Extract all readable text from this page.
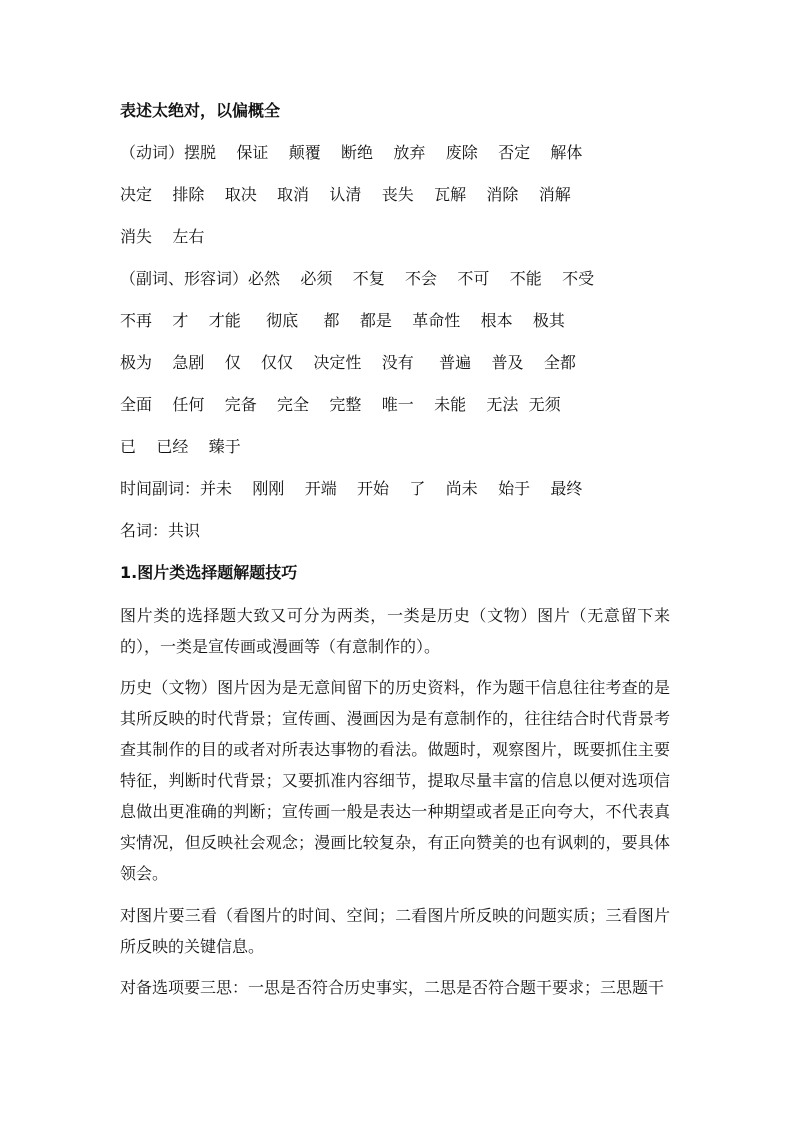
表述太绝对，以偏概全
（动词）摆脱    保证    颠覆    断绝    放弃    废除    否定    解体
决定    排除    取决    取消    认清    丧失    瓦解    消除    消解
消失    左右
（副词、形容词）必然    必须    不复    不会    不可    不能    不受
不再    才    才能     彻底     都    都是    革命性    根本    极其
极为    急剧    仅    仅仅    决定性    没有     普遍    普及    全都
全面    任何    完备    完全    完整    唯一    未能    无法  无须
已    已经    臻于
时间副词：并未    刚刚    开端    开始    了    尚未    始于    最终
名词：共识
1.图片类选择题解题技巧
图片类的选择题大致又可分为两类，一类是历史（文物）图片（无意留下来的），一类是宣传画或漫画等（有意制作的）。
历史（文物）图片因为是无意间留下的历史资料，作为题干信息往往考查的是其所反映的时代背景；宣传画、漫画因为是有意制作的，往往结合时代背景考查其制作的目的或者对所表达事物的看法。做题时，观察图片，既要抓住主要特征，判断时代背景；又要抓准内容细节，提取尽量丰富的信息以便对选项信息做出更准确的判断；宣传画一般是表达一种期望或者是正向夸大，不代表真实情况，但反映社会观念；漫画比较复杂，有正向赞美的也有讽刺的，要具体领会。
对图片要三看（看图片的时间、空间；二看图片所反映的问题实质；三看图片所反映的关键信息。
对备选项要三思：一思是否符合历史事实，二思是否符合题干要求；三思题干
